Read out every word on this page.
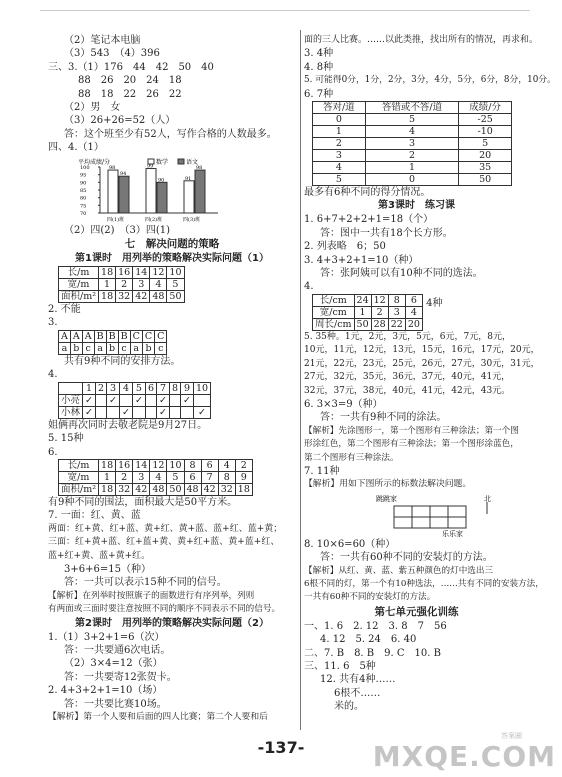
（2）笔记本电脑
（3）543　（4）396
三、3.（1）176　44　42　50　40
88　26　20　24　18
88　18　22　26　22
（2）男　女
（3）26+26=52（人）
答：这个班至少有52人，写作合格的人数最多。
四、4.（1）
平均成绩/分	数学	语文
100
95
90
85
80
75
70
98
94
四(1)班
99
90
四(2)班
91
98
四(3)班
（2）四(2)　（3）四(1)
七　解决问题的策略
第1课时　用列举的策略解决实际问题（1）
长/m	18	16	14	12	10
宽/m	1	2	3	4	5
面积/m²	18	32	42	48	50
2. 不能
3.
A	A	A	B	B	B	C	C	C
a	b	c	a	b	c	a	b	c
共有9种不同的安排方法。
4.
	1	2	3	4	5	6	7	8	9	10
小亮	✓		✓		✓		✓		✓	
小林	✓			✓			✓			✓
姐俩再次同时去敬老院是9月27日。
5. 15种
6.
长/m	18	16	14	12	10	8	6	4	2
宽/m	1	2	3	4	5	6	7	8	9
面积/m²	18	32	42	48	50	48	42	32	18
有9种不同的围法，面积最大是50平方米。
7. 一面：红、黄、蓝
两面：红+黄、红+蓝、黄+红、黄+蓝、蓝+红、蓝+黄；
三面：红+黄+蓝、红+蓝+黄、黄+红+蓝、黄+蓝+红、
蓝+红+黄、蓝+黄+红。
3+6+6=15（种）
答：一共可以表示15种不同的信号。
【解析】在列举时按照旗子的面数进行有序列举，列则
有两面或三面时要注意按照不同的顺序不同表示不同的信号。
第2课时　用列举的策略解决实际问题（2）
1.（1）3+2+1=6（次）
答：一共要通6次电话。
（2）3×4=12（张）
答：一共要寄12张贺卡。
2. 4+3+2+1=10（场）
答：一共要比赛10场。
【解析】第一个人要和后面的四人比赛；第二个人要和后
面的三人比赛。……以此类推，找出所有的情况，再求和。
3. 4种
4. 8种
5. 可能得0分，1分，2分，3分，4分，5分，6分，8分，10分。
6. 7种
答对/道	答错或不答/道	成绩/分
0	5	-25
1	4	-10
2	3	5
3	2	20
4	1	35
5	0	50
最多有6种不同的得分情况。
第3课时　练习课
1. 6+7+2+2+1=18（个）
答：图中一共有18个长方形。
2. 列表略　6；50
3. 4+3+2+1=10（种）
答：张阿姨可以有10种不同的选法。
4.
长/cm	24	12	8	6
宽/cm	1	2	3	4
周长/cm	50	28	22	20 4种
5. 35种。1元，2元，3元，5元，6元，7元，8元，
10元，11元，12元，13元，15元，16元，17元，20元，
21元，22元，23元，25元，26元，27元，30元，31元，
27元，32元，35元，36元，37元，40元，41元，
32元，37元，38元，40元，41元，42元，43元。
6. 3×3=9（种）
答：一共有9种不同的涂法。
【解析】先涂图形一，第一个图形有三种涂法；第一个图
形涂红色，第二个图形有三种涂法；第一个图形涂蓝色，
第二个图形有三种涂法。
7. 11种
【解析】用如下图所示的标数法解决问题。
跳跳家	北
乐乐家
8. 10×6=60（种）
答：一共有60种不同的安装灯的方法。
【解析】从红、黄、蓝、紫五种颜色的灯中选出三
6根不同的灯，第一个有10种选法，……共有不同的安装方法，
一共有60种不同的安装灯的方法。
第七单元强化训练
一、1. 6　2. 12　3. 8　7　56
4. 12　5. 24　6. 40
二、7. B　8. B　9. C　10. B
三、11. 6　5种
12. 共有4种……
6根不……
米的。
-137-
答案圈
MXQE.COM
